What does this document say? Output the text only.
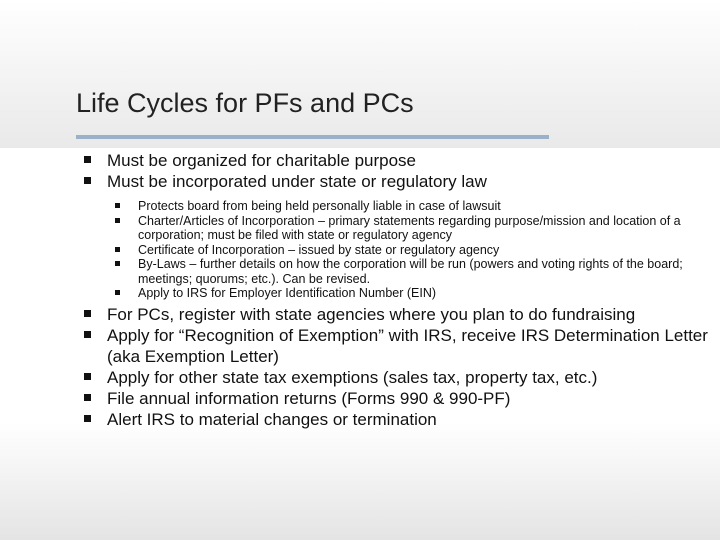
Life Cycles for PFs and PCs
Must be organized for charitable purpose
Must be incorporated under state or regulatory law
Protects board from being held personally liable in case of lawsuit
Charter/Articles of Incorporation – primary statements regarding purpose/mission and location of a corporation; must be filed with state or regulatory agency
Certificate of Incorporation – issued by state or regulatory agency
By-Laws – further details on how the corporation will be run (powers and voting rights of the board; meetings; quorums; etc.). Can be revised.
Apply to IRS for Employer Identification Number (EIN)
For PCs, register with state agencies where you plan to do fundraising
Apply for “Recognition of Exemption” with IRS, receive IRS Determination Letter (aka Exemption Letter)
Apply for other state tax exemptions (sales tax, property tax, etc.)
File annual information returns (Forms 990 & 990-PF)
Alert IRS to material changes or termination
